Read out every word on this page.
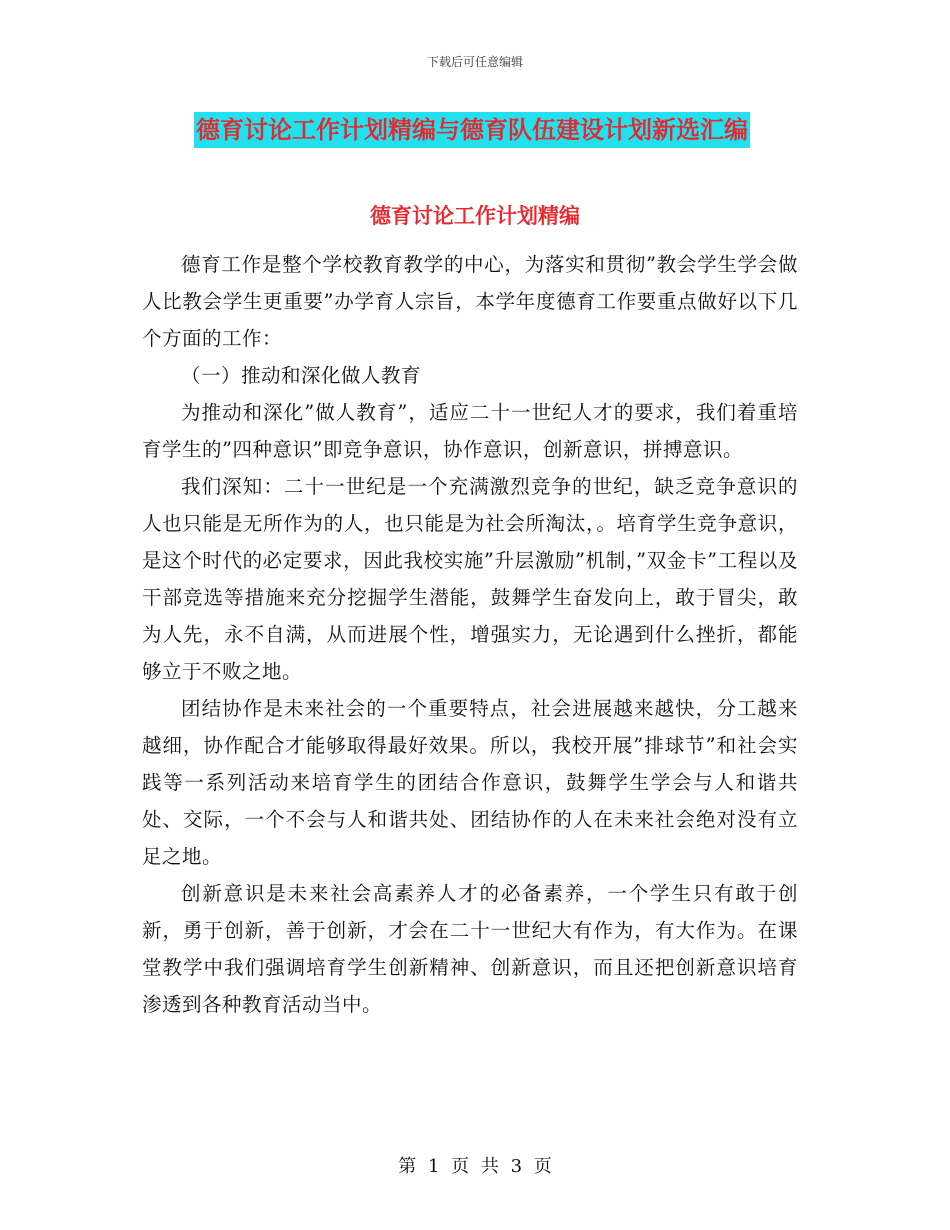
下载后可任意编辑
德育讨论工作计划精编与德育队伍建设计划新选汇编
德育讨论工作计划精编

德育工作是整个学校教育教学的中心，为落实和贯彻”教会学生学会做人比教会学生更重要”办学育人宗旨，本学年度德育工作要重点做好以下几个方面的工作：

（一）推动和深化做人教育

为推动和深化”做人教育”，适应二十一世纪人才的要求，我们着重培育学生的”四种意识”即竞争意识，协作意识，创新意识，拼搏意识。

我们深知：二十一世纪是一个充满激烈竞争的世纪，缺乏竞争意识的人也只能是无所作为的人，也只能是为社会所淘汰，。培育学生竞争意识，是这个时代的必定要求，因此我校实施”升层激励”机制，”双金卡”工程以及干部竞选等措施来充分挖掘学生潜能，鼓舞学生奋发向上，敢于冒尖，敢为人先，永不自满，从而进展个性，增强实力，无论遇到什么挫折，都能够立于不败之地。

团结协作是未来社会的一个重要特点，社会进展越来越快，分工越来越细，协作配合才能够取得最好效果。所以，我校开展”排球节”和社会实践等一系列活动来培育学生的团结合作意识，鼓舞学生学会与人和谐共处、交际，一个不会与人和谐共处、团结协作的人在未来社会绝对没有立足之地。

创新意识是未来社会高素养人才的必备素养，一个学生只有敢于创新，勇于创新，善于创新，才会在二十一世纪大有作为，有大作为。在课堂教学中我们强调培育学生创新精神、创新意识，而且还把创新意识培育渗透到各种教育活动当中。

第 1 页 共 3 页
